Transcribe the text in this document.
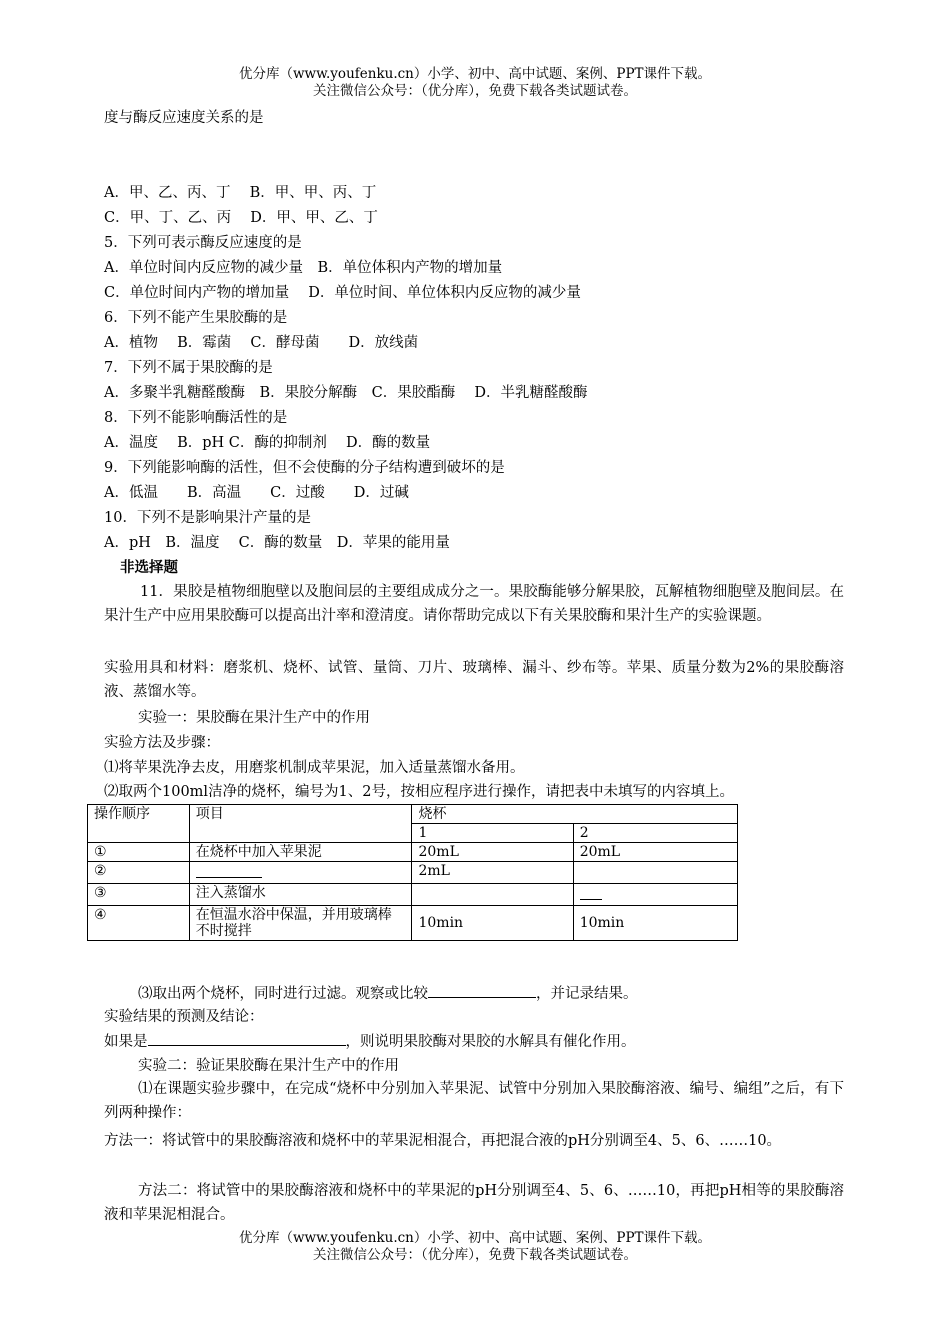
优分库（www.youfenku.cn）小学、初中、高中试题、案例、PPT课件下载。
关注微信公众号：（优分库），免费下载各类试题试卷。
度与酶反应速度关系的是
A．甲、乙、丙、丁　 B．甲、甲、丙、丁
C．甲、丁、乙、丙　 D．甲、甲、乙、丁
5．下列可表示酶反应速度的是
A．单位时间内反应物的减少量　B．单位体积内产物的增加量
C．单位时间内产物的增加量　 D．单位时间、单位体积内反应物的减少量
6．下列不能产生果胶酶的是
A．植物　 B．霉菌　 C．酵母菌　　D．放线菌
7．下列不属于果胶酶的是
A．多聚半乳糖醛酸酶　B．果胶分解酶　C．果胶酯酶　 D．半乳糖醛酸酶
8．下列不能影响酶活性的是
A．温度　 B．pH C．酶的抑制剂　 D．酶的数量
9．下列能影响酶的活性，但不会使酶的分子结构遭到破坏的是
A．低温　　B．高温　　C．过酸　　D．过碱
10．下列不是影响果汁产量的是
A．pH　B．温度　 C．酶的数量　D．苹果的能用量
非选择题
11．果胶是植物细胞壁以及胞间层的主要组成成分之一。果胶酶能够分解果胶，瓦解植物细胞壁及胞间层。在果汁生产中应用果胶酶可以提高出汁率和澄清度。请你帮助完成以下有关果胶酶和果汁生产的实验课题。
实验用具和材料：磨浆机、烧杯、试管、量筒、刀片、玻璃棒、漏斗、纱布等。苹果、质量分数为2%的果胶酶溶液、蒸馏水等。
实验一：果胶酶在果汁生产中的作用
实验方法及步骤：
⑴将苹果洗净去皮，用磨浆机制成苹果泥，加入适量蒸馏水备用。
⑵取两个100ml洁净的烧杯，编号为1、2号，按相应程序进行操作，请把表中未填写的内容填上。
操作顺序	项目	烧杯	
		1	2
①	在烧杯中加入苹果泥	20mL	20mL
②		2mL	
③	注入蒸馏水		
④	在恒温水浴中保温，并用玻璃棒不时搅拌	10min	10min
⑶取出两个烧杯，同时进行过滤。观察或比较	，并记录结果。
实验结果的预测及结论：
如果是	，则说明果胶酶对果胶的水解具有催化作用。
实验二：验证果胶酶在果汁生产中的作用
⑴在课题实验步骤中，在完成“烧杯中分别加入苹果泥、试管中分别加入果胶酶溶液、编号、编组”之后，有下列两种操作：
方法一：将试管中的果胶酶溶液和烧杯中的苹果泥相混合，再把混合液的pH分别调至4、5、6、……10。
方法二：将试管中的果胶酶溶液和烧杯中的苹果泥的pH分别调至4、5、6、……10，再把pH相等的果胶酶溶液和苹果泥相混合。
优分库（www.youfenku.cn）小学、初中、高中试题、案例、PPT课件下载。
关注微信公众号：（优分库），免费下载各类试题试卷。
